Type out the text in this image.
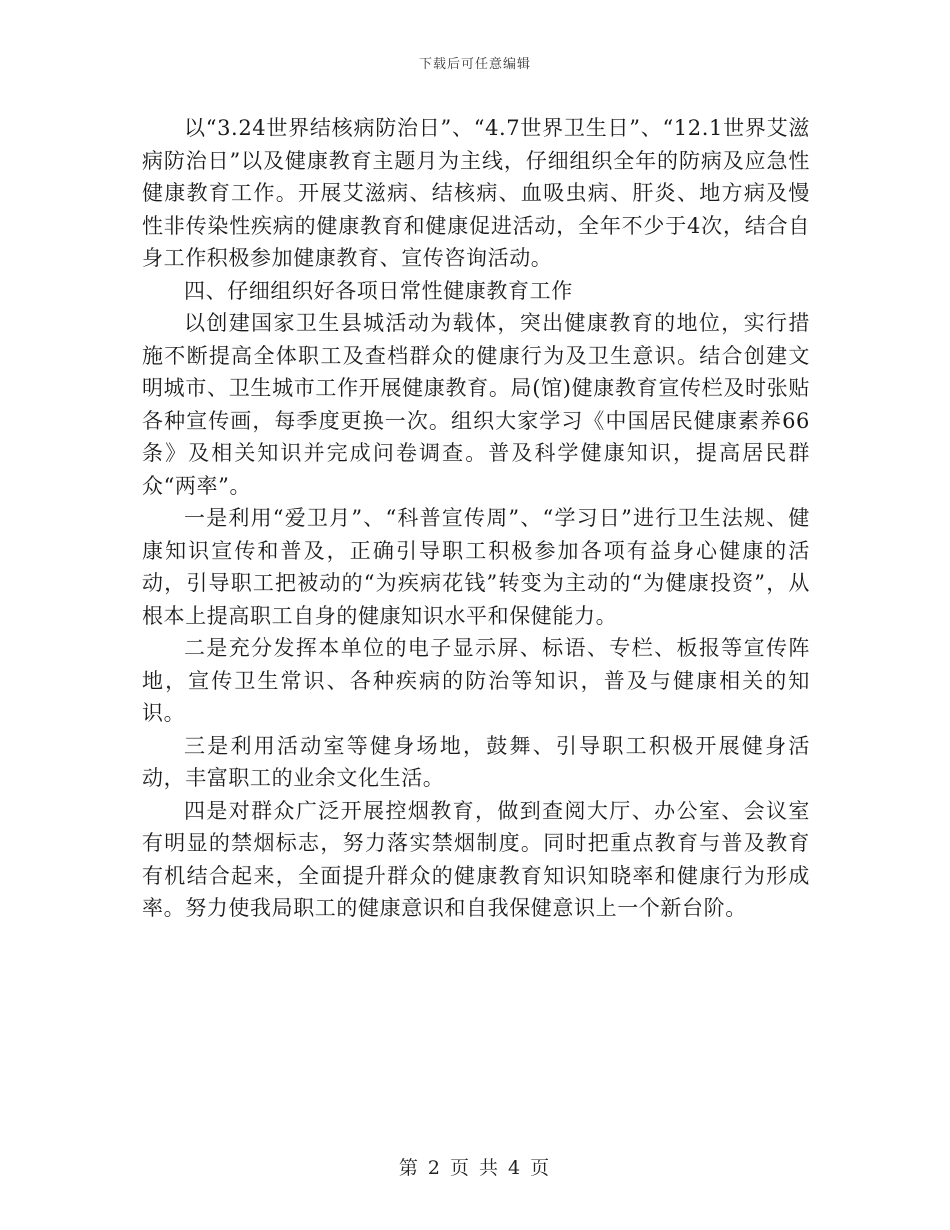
下载后可任意编辑

以“3.24世界结核病防治日”、“4.7世界卫生日”、“12.1世界艾滋病防治日”以及健康教育主题月为主线，仔细组织全年的防病及应急性健康教育工作。开展艾滋病、结核病、血吸虫病、肝炎、地方病及慢性非传染性疾病的健康教育和健康促进活动，全年不少于4次，结合自身工作积极参加健康教育、宣传咨询活动。

四、仔细组织好各项日常性健康教育工作

以创建国家卫生县城活动为载体，突出健康教育的地位，实行措施不断提高全体职工及查档群众的健康行为及卫生意识。结合创建文明城市、卫生城市工作开展健康教育。局(馆)健康教育宣传栏及时张贴各种宣传画，每季度更换一次。组织大家学习《中国居民健康素养66条》及相关知识并完成问卷调查。普及科学健康知识，提高居民群众“两率”。

一是利用“爱卫月”、“科普宣传周”、“学习日”进行卫生法规、健康知识宣传和普及，正确引导职工积极参加各项有益身心健康的活动，引导职工把被动的“为疾病花钱”转变为主动的“为健康投资”，从根本上提高职工自身的健康知识水平和保健能力。

二是充分发挥本单位的电子显示屏、标语、专栏、板报等宣传阵地，宣传卫生常识、各种疾病的防治等知识，普及与健康相关的知识。

三是利用活动室等健身场地，鼓舞、引导职工积极开展健身活动，丰富职工的业余文化生活。

四是对群众广泛开展控烟教育，做到查阅大厅、办公室、会议室有明显的禁烟标志，努力落实禁烟制度。同时把重点教育与普及教育有机结合起来，全面提升群众的健康教育知识知晓率和健康行为形成率。努力使我局职工的健康意识和自我保健意识上一个新台阶。

第 2 页 共 4 页
